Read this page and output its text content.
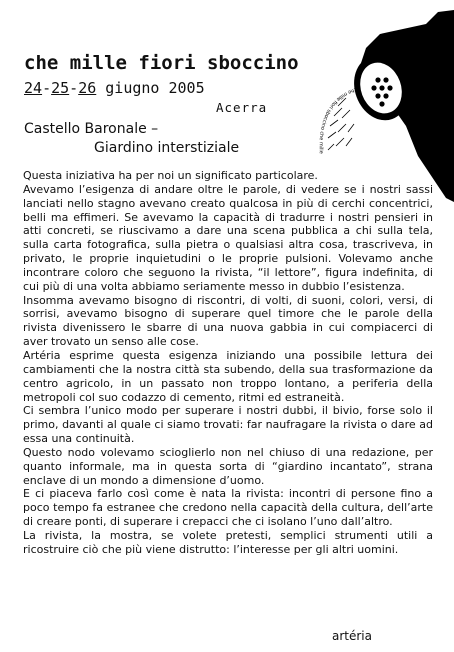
che mille fiori sboccino
24-25-26 giugno 2005
Acerra
Castello Baronale –
Giardino interstiziale
che mille fiori sboccino che mille

Questa iniziativa ha per noi un significato particolare.

Avevamo l’esigenza di andare oltre le parole, di vedere se i nostri sassi lanciati nello stagno avevano creato qualcosa in più di cerchi concentrici, belli ma effimeri. Se avevamo la capacità di tradurre i nostri pensieri in atti concreti, se riuscivamo a dare una scena pubblica a chi sulla tela, sulla carta fotografica, sulla pietra o qualsiasi altra cosa, trascriveva, in privato, le proprie inquietudini o le proprie pulsioni. Volevamo anche incontrare coloro che seguono la rivista, “il lettore”, figura indefinita, di cui più di una volta abbiamo seriamente messo in dubbio l’esistenza.

Insomma avevamo bisogno di riscontri, di volti, di suoni, colori, versi, di sorrisi, avevamo bisogno di superare quel timore che le parole della rivista divenissero le sbarre di una nuova gabbia in cui compiacerci di aver trovato un senso alle cose.

Artéria esprime questa esigenza iniziando una possibile lettura dei cambiamenti che la nostra città sta subendo, della sua trasformazione da centro agricolo, in un passato non troppo lontano, a periferia della metropoli col suo codazzo di cemento, ritmi ed estraneità.

Ci sembra l’unico modo per superare i nostri dubbi, il bivio, forse solo il primo, davanti al quale ci siamo trovati: far naufragare la rivista o dare ad essa una continuità.

Questo nodo volevamo scioglierlo non nel chiuso di una redazione, per quanto informale, ma in questa sorta di “giardino incantato”, strana enclave di un mondo a dimensione d’uomo.

E ci piaceva farlo così come è nata la rivista: incontri di persone fino a poco tempo fa estranee che credono nella capacità della cultura, dell’arte di creare ponti, di superare i crepacci che ci isolano l’uno dall’altro.

La rivista, la mostra, se volete pretesti, semplici strumenti utili a ricostruire ciò che più viene distrutto: l’interesse per gli altri uomini.

artéria
